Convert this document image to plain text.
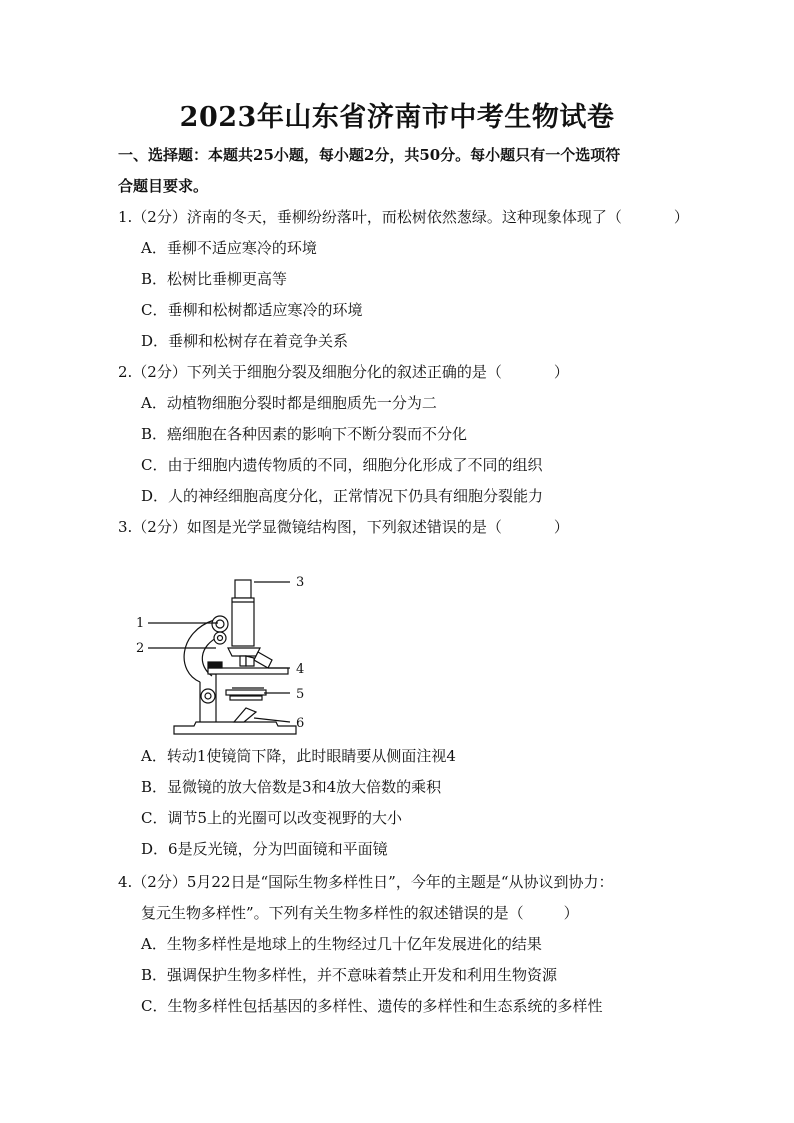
2023年山东省济南市中考生物试卷
一、选择题：本题共25小题，每小题2分，共50分。每小题只有一个选项符
合题目要求。
1.（2分）济南的冬天，垂柳纷纷落叶，而松树依然葱绿。这种现象体现了（	）
A．垂柳不适应寒冷的环境
B．松树比垂柳更高等
C．垂柳和松树都适应寒冷的环境
D．垂柳和松树存在着竞争关系
2.（2分）下列关于细胞分裂及细胞分化的叙述正确的是（	）
A．动植物细胞分裂时都是细胞质先一分为二
B．癌细胞在各种因素的影响下不断分裂而不分化
C．由于细胞内遗传物质的不同，细胞分化形成了不同的组织
D．人的神经细胞高度分化，正常情况下仍具有细胞分裂能力
3.（2分）如图是光学显微镜结构图，下列叙述错误的是（	）
3
1
2
4
5
6
A．转动1使镜筒下降，此时眼睛要从侧面注视4
B．显微镜的放大倍数是3和4放大倍数的乘积
C．调节5上的光圈可以改变视野的大小
D．6是反光镜，分为凹面镜和平面镜
4.（2分）5月22日是“国际生物多样性日”，今年的主题是“从协议到协力：
复元生物多样性”。下列有关生物多样性的叙述错误的是（	）
A．生物多样性是地球上的生物经过几十亿年发展进化的结果
B．强调保护生物多样性，并不意味着禁止开发和利用生物资源
C．生物多样性包括基因的多样性、遗传的多样性和生态系统的多样性
